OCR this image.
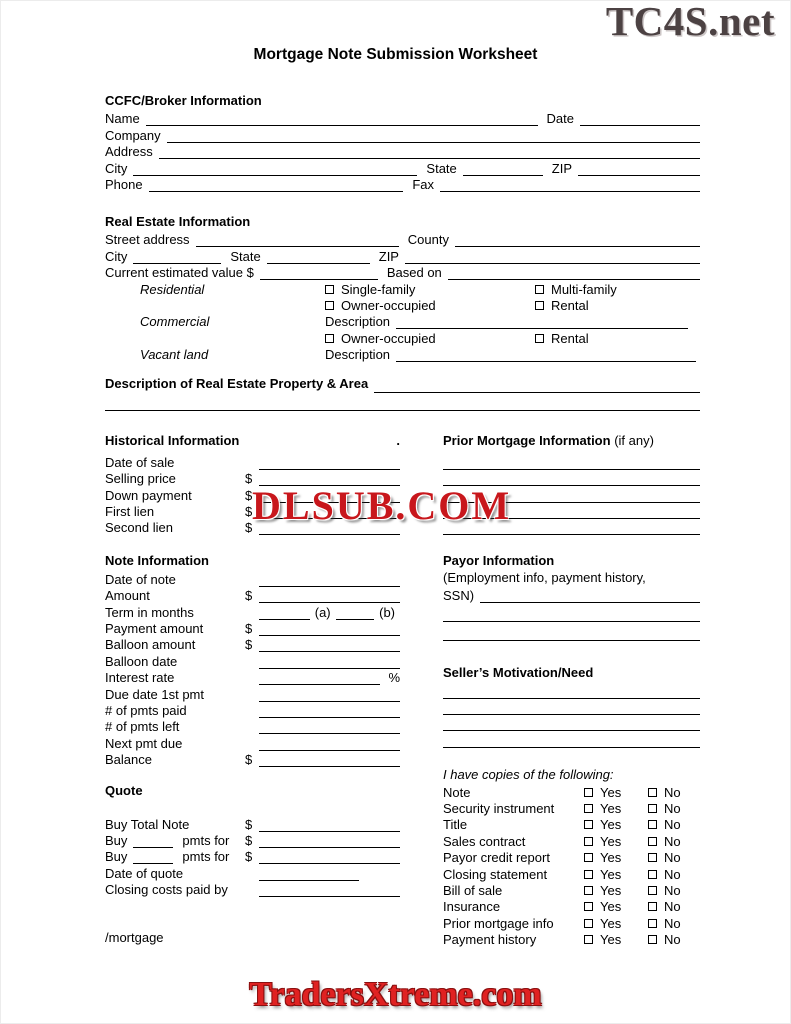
TC4S.net
Mortgage Note Submission Worksheet
DLSUB.COM
CCFC/Broker Information
Name	Date
Company
Address
City	State	ZIP
Phone	Fax
Real Estate Information
Street address	County
City	State	ZIP
Current estimated value $	Based on
Residential	Single-family	Multi-family
Owner-occupied	Rental
Commercial	Description
Owner-occupied	Rental
Vacant land	Description
Description of Real Estate Property & Area
Historical Information	.
Date of sale
Selling price	$
Down payment	$
First lien	$
Second lien	$
Prior Mortgage Information (if any)
Note Information
Date of note
Amount	$
Term in months	(a)	(b)
Payment amount	$
Balloon amount	$
Balloon date
Interest rate	%
Due date 1st pmt
# of pmts paid
# of pmts left
Next pmt due
Balance	$
Payor Information
(Employment info, payment history,
SSN)
Seller’s Motivation/Need
Quote
Buy Total Note	$
Buy	pmts for	$
Buy	pmts for	$
Date of quote
Closing costs paid by
/mortgage
I have copies of the following:
Note	Yes	No
Security instrument	Yes	No
Title	Yes	No
Sales contract	Yes	No
Payor credit report	Yes	No
Closing statement	Yes	No
Bill of sale	Yes	No
Insurance	Yes	No
Prior mortgage info	Yes	No
Payment history	Yes	No
TradersXtreme.com
